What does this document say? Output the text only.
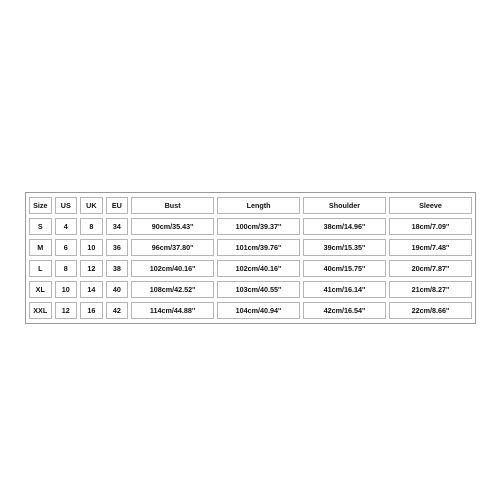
Size	US	UK	EU	Bust	Length	Shoulder	Sleeve
S	4	8	34	90cm/35.43''	100cm/39.37''	38cm/14.96''	18cm/7.09''
M	6	10	36	96cm/37.80''	101cm/39.76''	39cm/15.35''	19cm/7.48''
L	8	12	38	102cm/40.16''	102cm/40.16''	40cm/15.75''	20cm/7.87''
XL	10	14	40	108cm/42.52''	103cm/40.55''	41cm/16.14''	21cm/8.27''
XXL	12	16	42	114cm/44.88''	104cm/40.94''	42cm/16.54''	22cm/8.66''
